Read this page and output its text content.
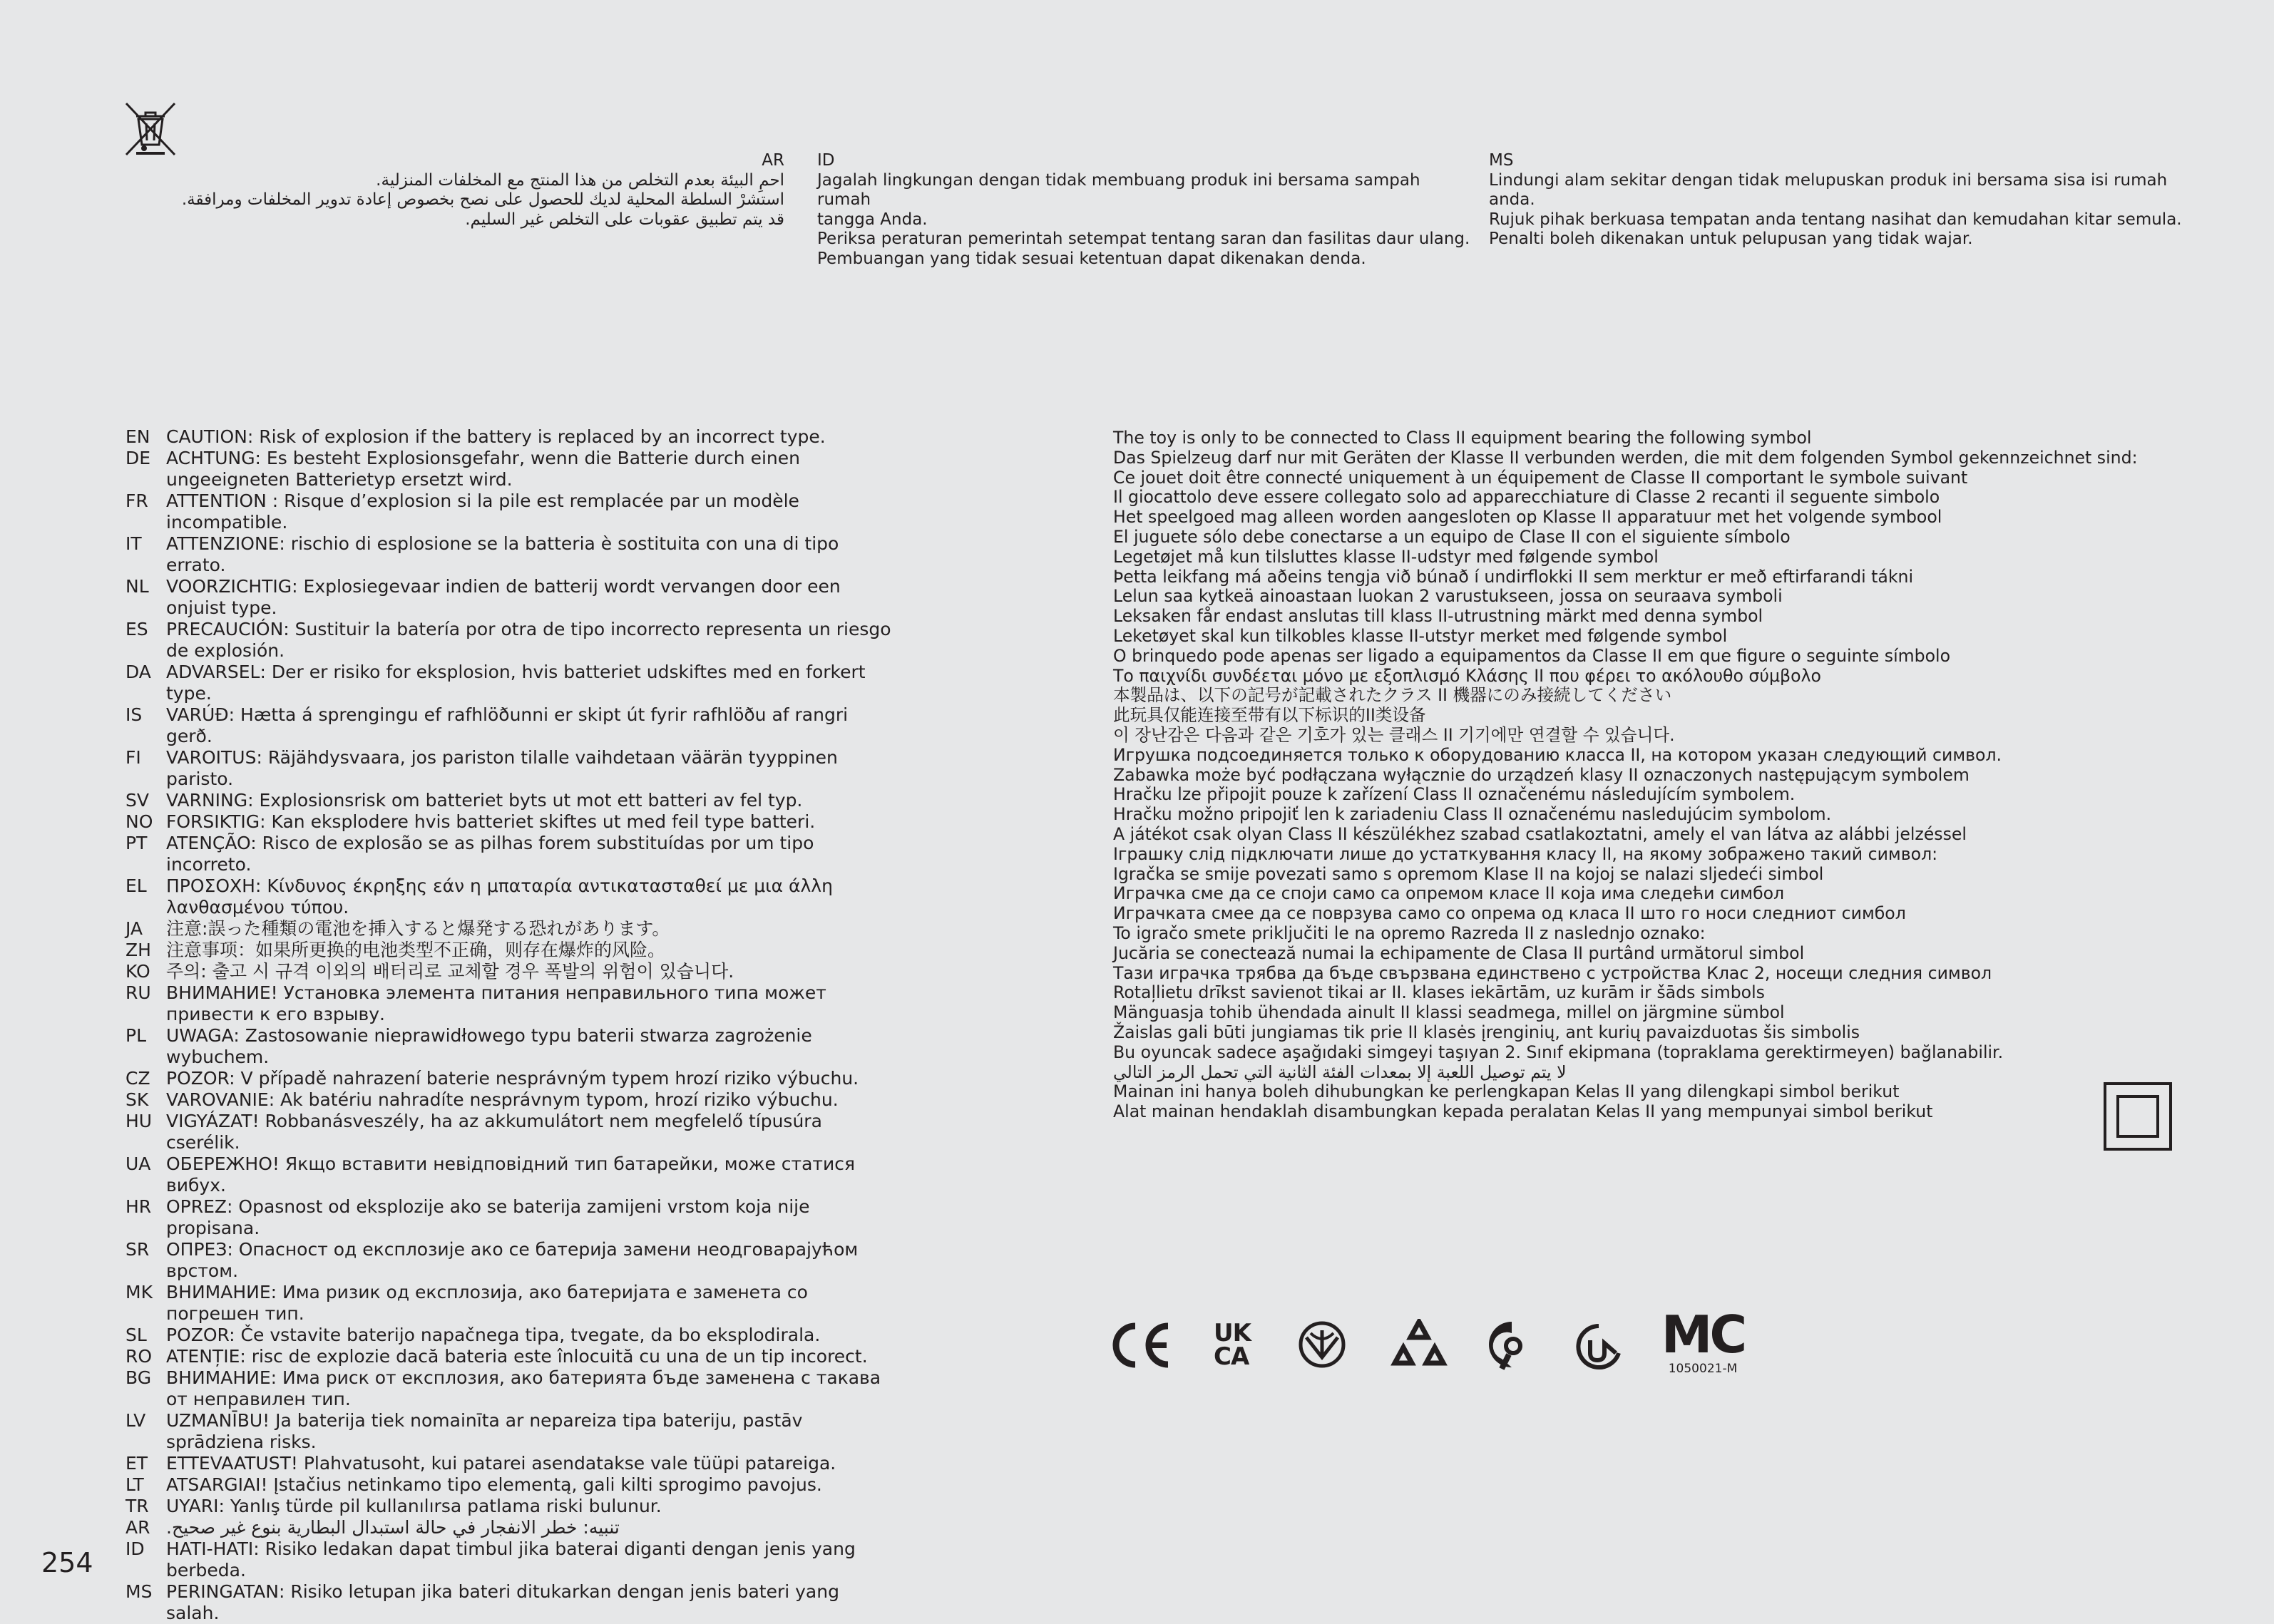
AR
احمِ البيئة بعدم التخلص من هذا المنتج مع المخلفات المنزلية.
استشرْ السلطة المحلية لديك للحصول على نصح بخصوص إعادة تدوير المخلفات ومرافقة.
قد يتم تطبيق عقوبات على التخلص غير السليم.
ID
Jagalah lingkungan dengan tidak membuang produk ini bersama sampah rumah
tangga Anda.
Periksa peraturan pemerintah setempat tentang saran dan fasilitas daur ulang.
Pembuangan yang tidak sesuai ketentuan dapat dikenakan denda.
MS
Lindungi alam sekitar dengan tidak melupuskan produk ini bersama sisa isi rumah
anda.
Rujuk pihak berkuasa tempatan anda tentang nasihat dan kemudahan kitar semula.
Penalti boleh dikenakan untuk pelupusan yang tidak wajar.
EN CAUTION: Risk of explosion if the battery is replaced by an incorrect type.
DE ACHTUNG: Es besteht Explosionsgefahr, wenn die Batterie durch einen ungeeigneten Batterietyp ersetzt wird.
FR	ATTENTION : Risque d’explosion si la pile est remplacée par un modèle incompatible.
IT	ATTENZIONE: rischio di esplosione se la batteria è sostituita con una di tipo errato.
NL VOORZICHTIG: Explosiegevaar indien de batterij wordt vervangen door een onjuist type.
ES	PRECAUCIÓN: Sustituir la batería por otra de tipo incorrecto representa un riesgo de explosión.
DA ADVARSEL: Der er risiko for eksplosion, hvis batteriet udskiftes med en forkert type.
IS	VARÚÐ: Hætta á sprengingu ef rafhlöðunni er skipt út fyrir rafhlöðu af rangri gerð.
FI	VAROITUS: Räjähdysvaara, jos pariston tilalle vaihdetaan väärän tyyppinen paristo.
SV VARNING: Explosionsrisk om batteriet byts ut mot ett batteri av fel typ.
NO FORSIKTIG: Kan eksplodere hvis batteriet skiftes ut med feil type batteri.
PT	ATENÇÃO: Risco de explosão se as pilhas forem substituídas por um tipo incorreto.
EL	ΠΡΟΣΟΧΗ: Κίνδυνος έκρηξης εάν η μπαταρία αντικατασταθεί με μια άλλη λανθασμένου τύπου.
JA	注意:誤った種類の電池を挿入すると爆発する恐れがあります。
ZH 注意事项：如果所更换的电池类型不正确，则存在爆炸的风险。
KO 주의: 출고 시 규격 이외의 배터리로 교체할 경우 폭발의 위험이 있습니다.
RU ВНИМАНИЕ! Установка элемента питания неправильного типа может привести к его взрыву.
PL	UWAGA: Zastosowanie nieprawidłowego typu baterii stwarza zagrożenie wybuchem.
CZ POZOR: V případě nahrazení baterie nesprávným typem hrozí riziko výbuchu.
SK VAROVANIE: Ak batériu nahradíte nesprávnym typom, hrozí riziko výbuchu.
HU VIGYÁZAT! Robbanásveszély, ha az akkumulátort nem megfelelő típusúra cserélik.
UA ОБЕРЕЖНО! Якщо вставити невідповідний тип батарейки, може статися вибух.
HR OPREZ: Opasnost od eksplozije ako se baterija zamijeni vrstom koja nije propisana.
SR ОПРЕЗ: Опасност од експлозије ако се батерија замени неодговарајућом врстом.
MK ВНИМАНИЕ: Има ризик од експлозија, ако батеријата е заменета со погрешен тип.
SL	POZOR: Če vstavite baterijo napačnega tipa, tvegate, da bo eksplodirala.
RO ATENȚIE: risc de explozie dacă bateria este înlocuită cu una de un tip incorect.
BG ВНИМАНИЕ: Има риск от експлозия, ако батерията бъде заменена с такава от неправилен тип.
LV	UZMANĪBU! Ja baterija tiek nomainīta ar nepareiza tipa bateriju, pastāv sprādziena risks.
ET	ETTEVAATUST! Plahvatusoht, kui patarei asendatakse vale tüüpi patareiga.
LT	ATSARGIAI! Įstačius netinkamo tipo elementą, gali kilti sprogimo pavojus.
TR UYARI: Yanlış türde pil kullanılırsa patlama riski bulunur.
AR تنبيه: خطر الانفجار في حالة استبدال البطارية بنوع غير صحيح.
ID	HATI-HATI: Risiko ledakan dapat timbul jika baterai diganti dengan jenis yang berbeda.
MS PERINGATAN: Risiko letupan jika bateri ditukarkan dengan jenis bateri yang salah.
The toy is only to be connected to Class II equipment bearing the following symbol
Das Spielzeug darf nur mit Geräten der Klasse II verbunden werden, die mit dem folgenden Symbol gekennzeichnet sind:
Ce jouet doit être connecté uniquement à un équipement de Classe II comportant le symbole suivant
Il giocattolo deve essere collegato solo ad apparecchiature di Classe 2 recanti il seguente simbolo
Het speelgoed mag alleen worden aangesloten op Klasse II apparatuur met het volgende symbool
El juguete sólo debe conectarse a un equipo de Clase II con el siguiente símbolo
Legetøjet må kun tilsluttes klasse II-udstyr med følgende symbol
Þetta leikfang má aðeins tengja við búnað í undirflokki II sem merktur er með eftirfarandi tákni
Lelun saa kytkeä ainoastaan luokan 2 varustukseen, jossa on seuraava symboli
Leksaken får endast anslutas till klass II-utrustning märkt med denna symbol
Leketøyet skal kun tilkobles klasse II-utstyr merket med følgende symbol
O brinquedo pode apenas ser ligado a equipamentos da Classe II em que figure o seguinte símbolo
Το παιχνίδι συνδέεται μόνο με εξοπλισμό Κλάσης II που φέρει το ακόλουθο σύμβολο
本製品は、以下の記号が記載されたクラス II 機器にのみ接続してください
此玩具仅能连接至带有以下标识的II类设备
이 장난감은 다음과 같은 기호가 있는 클래스 II 기기에만 연결할 수 있습니다.
Игрушка подсоединяется только к оборудованию класса II, на котором указан следующий символ.
Zabawka może być podłączana wyłącznie do urządzeń klasy II oznaczonych następującym symbolem
Hračku lze připojit pouze k zařízení Class II označenému následujícím symbolem.
Hračku možno pripojiť len k zariadeniu Class II označenému nasledujúcim symbolom.
A játékot csak olyan Class II készülékhez szabad csatlakoztatni, amely el van látva az alábbi jelzéssel
Іграшку слід підключати лише до устаткування класу II, на якому зображено такий символ:
Igračka se smije povezati samo s opremom Klase II na kojoj se nalazi sljedeći simbol
Играчка сме да се споји само са опремом класе II која има следећи симбол
Играчката смее да се поврзува само со опрема од класа II што го носи следниот симбол
To igračo smete priključiti le na opremo Razreda II z naslednjo oznako:
Jucăria se conectează numai la echipamente de Clasa II purtând următorul simbol
Тази играчка трябва да бъде свързвана единствено с устройства Клас 2, носещи следния символ
Rotaļlietu drīkst savienot tikai ar II. klases iekārtām, uz kurām ir šāds simbols
Mänguasja tohib ühendada ainult II klassi seadmega, millel on järgmine sümbol
Žaislas gali būti jungiamas tik prie II klasės įrenginių, ant kurių pavaizduotas šis simbolis
Bu oyuncak sadece aşağıdaki simgeyi taşıyan 2. Sınıf ekipmana (topraklama gerektirmeyen) bağlanabilir.
لا يتم توصيل اللعبة إلا بمعدات الفئة الثانية التي تحمل الرمز التالي
Mainan ini hanya boleh dihubungkan ke perlengkapan Kelas II yang dilengkapi simbol berikut
Alat mainan hendaklah disambungkan kepada peralatan Kelas II yang mempunyai simbol berikut
UK
CA	MC
1050021-M
254
